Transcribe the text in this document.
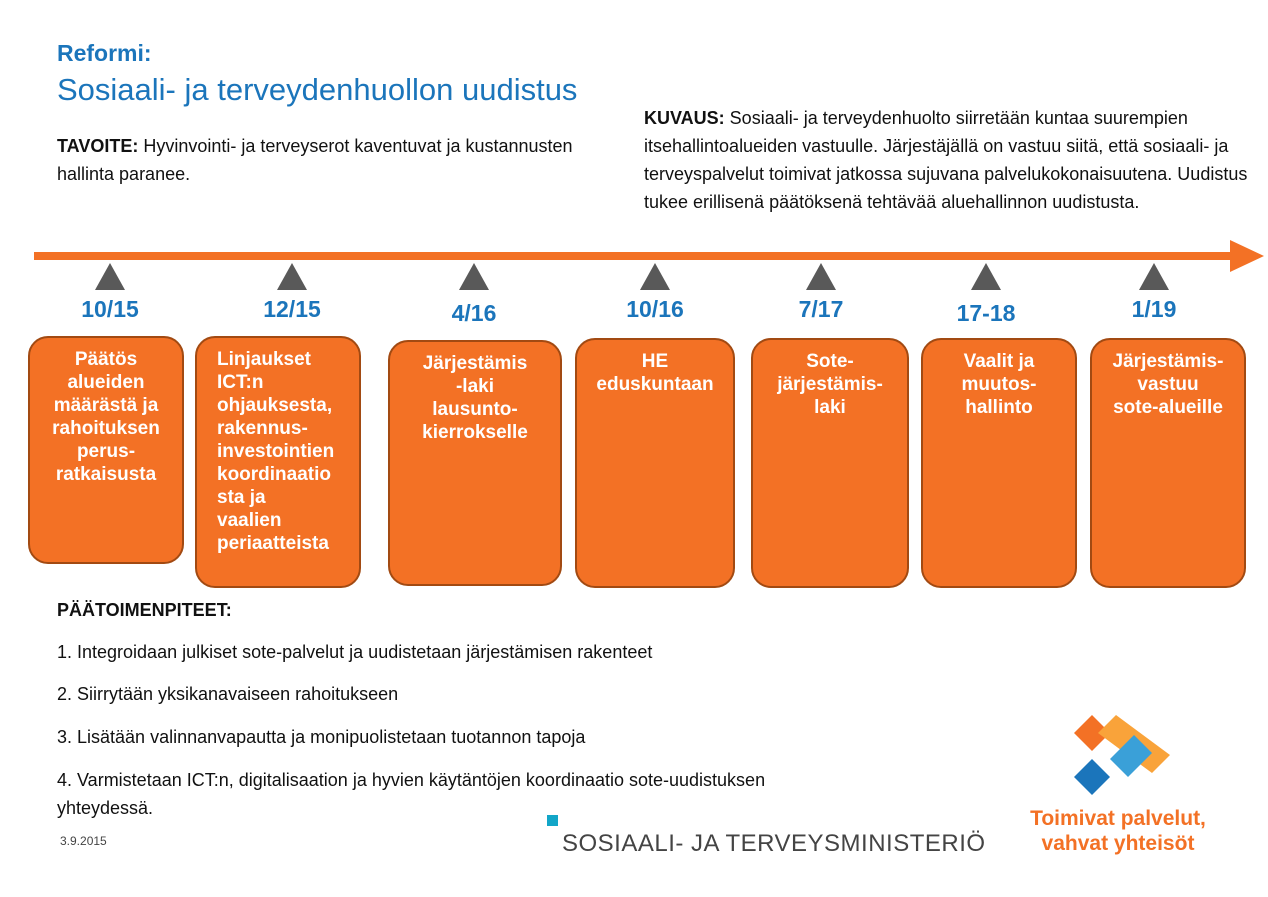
Reformi:
Sosiaali- ja terveydenhuollon uudistus
TAVOITE: Hyvinvointi- ja terveyserot kaventuvat ja kustannusten hallinta paranee.
KUVAUS: Sosiaali- ja terveydenhuolto siirretään kuntaa suurempien itsehallintoalueiden vastuulle. Järjestäjällä on vastuu siitä, että sosiaali- ja terveyspalvelut toimivat jatkossa sujuvana palvelukokonaisuutena. Uudistus tukee erillisenä päätöksenä tehtävää aluehallinnon uudistusta.
10/15
Päätös
alueiden
määrästä ja
rahoituksen
perus-
ratkaisusta
12/15
Linjaukset
ICT:n
ohjauksesta,
rakennus-
investointien
koordinaatio
sta ja
vaalien
periaatteista
4/16
Järjestämis
-laki
lausunto-
kierrokselle
10/16
HE
eduskuntaan
7/17
Sote-
järjestämis-
laki
17-18
Vaalit ja
muutos-
hallinto
1/19
Järjestämis-
vastuu
sote-alueille
PÄÄTOIMENPITEET:
1. Integroidaan julkiset sote-palvelut ja uudistetaan järjestämisen rakenteet
2. Siirrytään yksikanavaiseen rahoitukseen
3. Lisätään valinnanvapautta ja monipuolistetaan tuotannon tapoja
4. Varmistetaan ICT:n, digitalisaation ja hyvien käytäntöjen koordinaatio sote-uudistuksen yhteydessä.
3.9.2015	SOSIAALI- JA TERVEYSMINISTERIÖ
Toimivat palvelut,
vahvat yhteisöt
